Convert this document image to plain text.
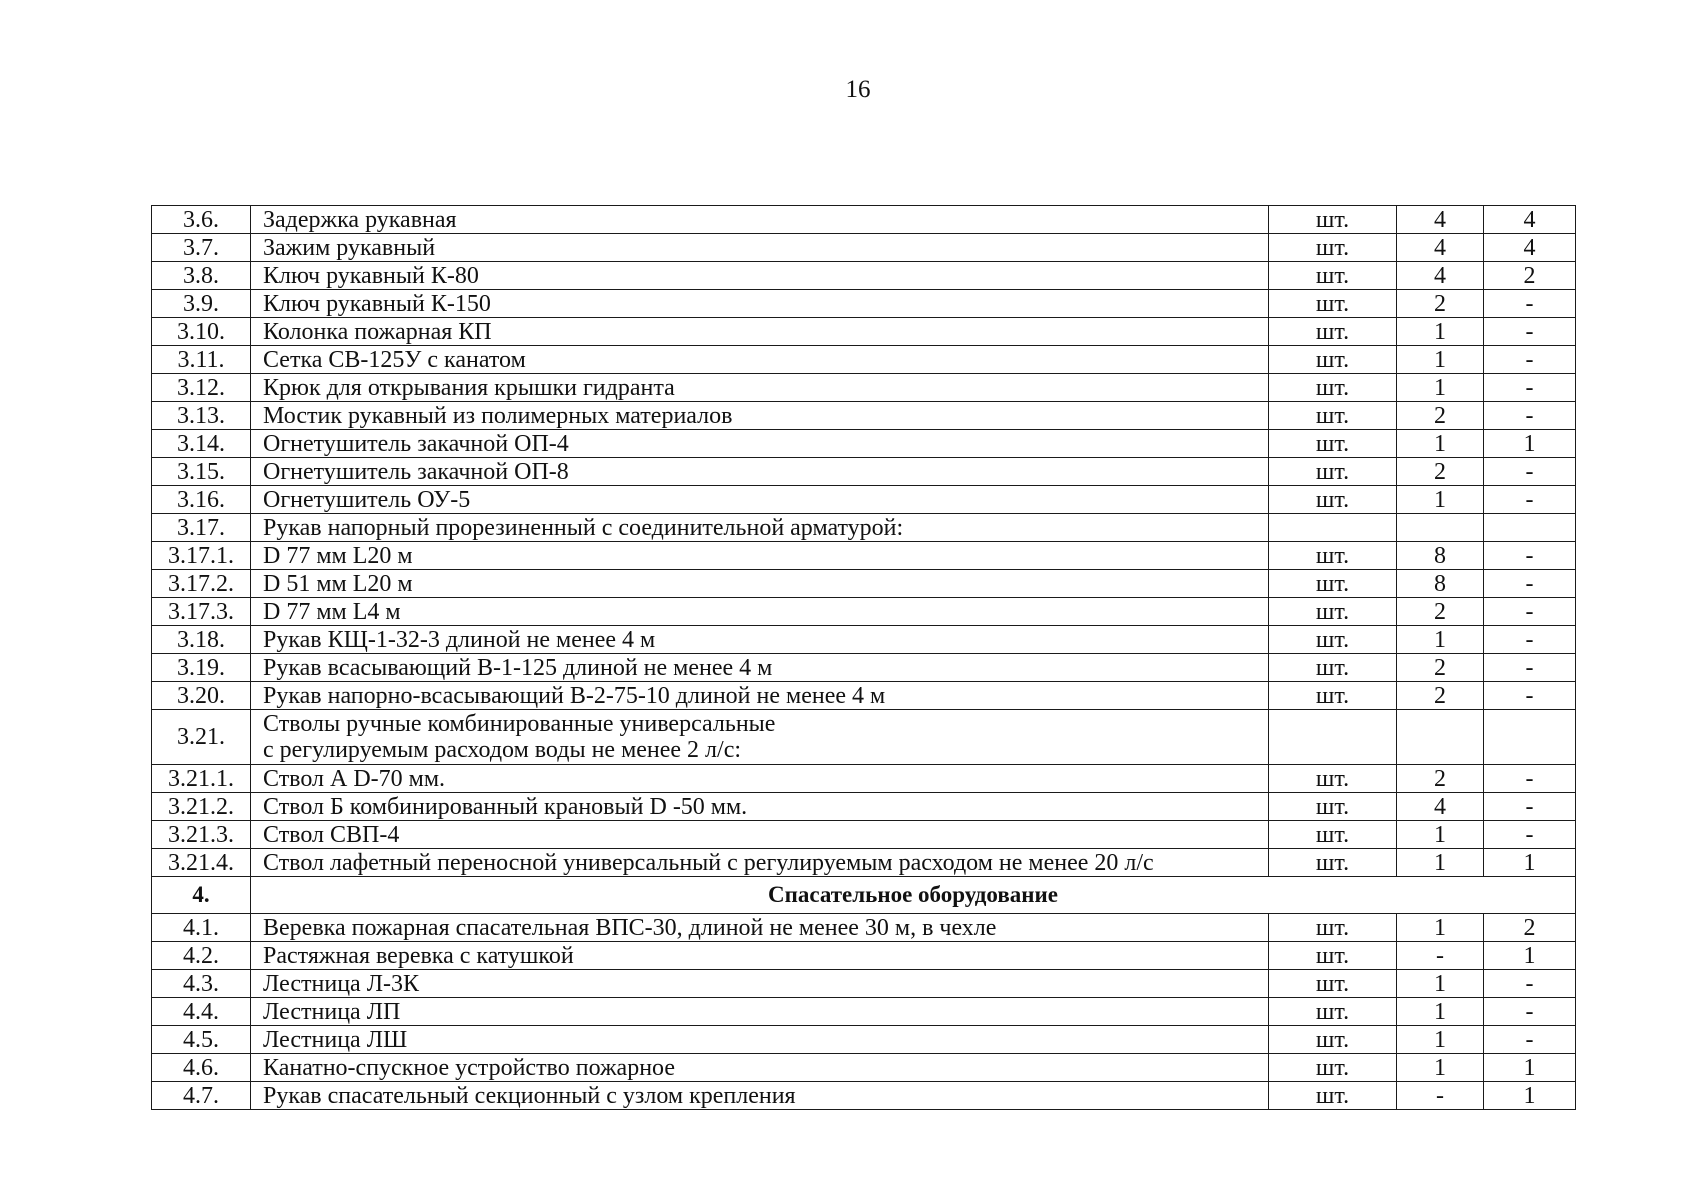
16
3.6.	Задержка рукавная	шт.	4	4
3.7.	Зажим рукавный	шт.	4	4
3.8.	Ключ рукавный К-80	шт.	4	2
3.9.	Ключ рукавный К-150	шт.	2	-
3.10.	Колонка пожарная КП	шт.	1	-
3.11.	Сетка СВ-125У с канатом	шт.	1	-
3.12.	Крюк для открывания крышки гидранта	шт.	1	-
3.13.	Мостик рукавный из полимерных материалов	шт.	2	-
3.14.	Огнетушитель закачной ОП-4	шт.	1	1
3.15.	Огнетушитель закачной ОП-8	шт.	2	-
3.16.	Огнетушитель ОУ-5	шт.	1	-
3.17.	Рукав напорный прорезиненный с соединительной арматурой:			
3.17.1.	D 77 мм L20 м	шт.	8	-
3.17.2.	D 51 мм L20 м	шт.	8	-
3.17.3.	D 77 мм L4 м	шт.	2	-
3.18.	Рукав КЩ-1-32-3 длиной не менее 4 м	шт.	1	-
3.19.	Рукав всасывающий В-1-125 длиной не менее 4 м	шт.	2	-
3.20.	Рукав напорно-всасывающий В-2-75-10 длиной не менее 4 м	шт.	2	-
3.21.	Стволы ручные комбинированные универсальные
с регулируемым расходом воды не менее 2 л/с:			

3.21.1.	Ствол А D-70 мм.	шт.	2	-
3.21.2.	Ствол Б комбинированный крановый D -50 мм.	шт.	4	-
3.21.3.	Ствол СВП-4	шт.	1	-
3.21.4.	Ствол лафетный переносной универсальный с регулируемым расходом не менее 20 л/с	шт.	1	1
4.	Спасательное оборудование			
4.1.	Веревка пожарная спасательная ВПС-30, длиной не менее 30 м, в чехле	шт.	1	2
4.2.	Растяжная веревка с катушкой	шт.	-	1
4.3.	Лестница Л-3К	шт.	1	-
4.4.	Лестница ЛП	шт.	1	-
4.5.	Лестница ЛШ	шт.	1	-
4.6.	Канатно-спускное устройство пожарное	шт.	1	1
4.7.	Рукав спасательный секционный с узлом крепления	шт.	-	1
